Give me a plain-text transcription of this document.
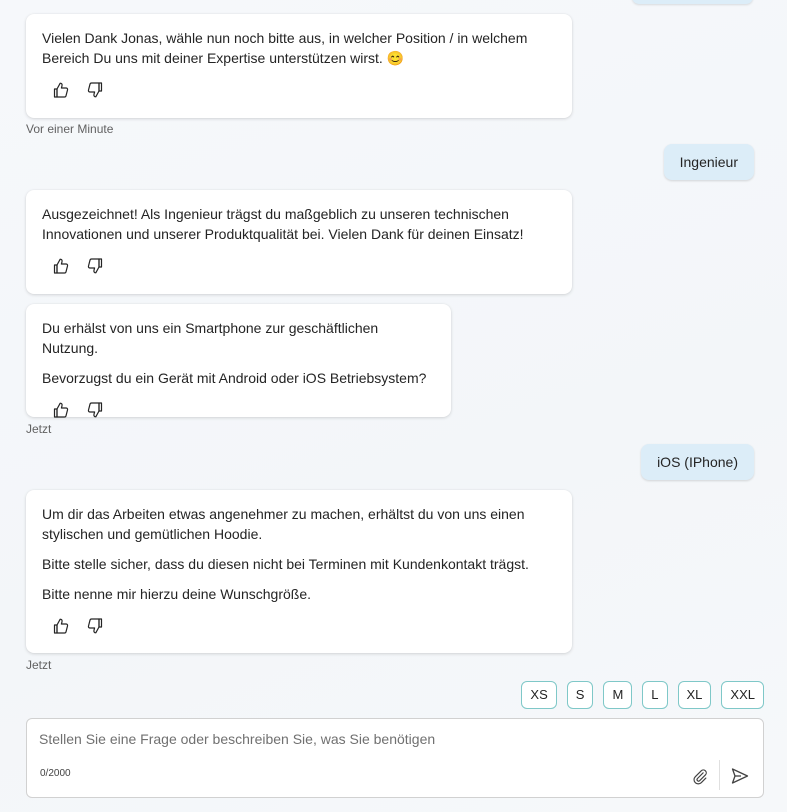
Vielen Dank Jonas, wähle nun noch bitte aus, in welcher Position / in welchem Bereich Du uns mit deiner Expertise unterstützen wirst. 😊

Vor einer Minute
Ingenieur

Ausgezeichnet! Als Ingenieur trägst du maßgeblich zu unseren technischen Innovationen und unserer Produktqualität bei. Vielen Dank für deinen Einsatz!

Du erhälst von uns ein Smartphone zur geschäftlichen Nutzung.

Bevorzugst du ein Gerät mit Android oder iOS Betriebsystem?

Jetzt
iOS (IPhone)

Um dir das Arbeiten etwas angenehmer zu machen, erhältst du von uns einen stylischen und gemütlichen Hoodie.

Bitte stelle sicher, dass du diesen nicht bei Terminen mit Kundenkontakt trägst.

Bitte nenne mir hierzu deine Wunschgröße.

Jetzt
XS	S	M	L	XL	XXL
Stellen Sie eine Frage oder beschreiben Sie, was Sie benötigen
0/2000
